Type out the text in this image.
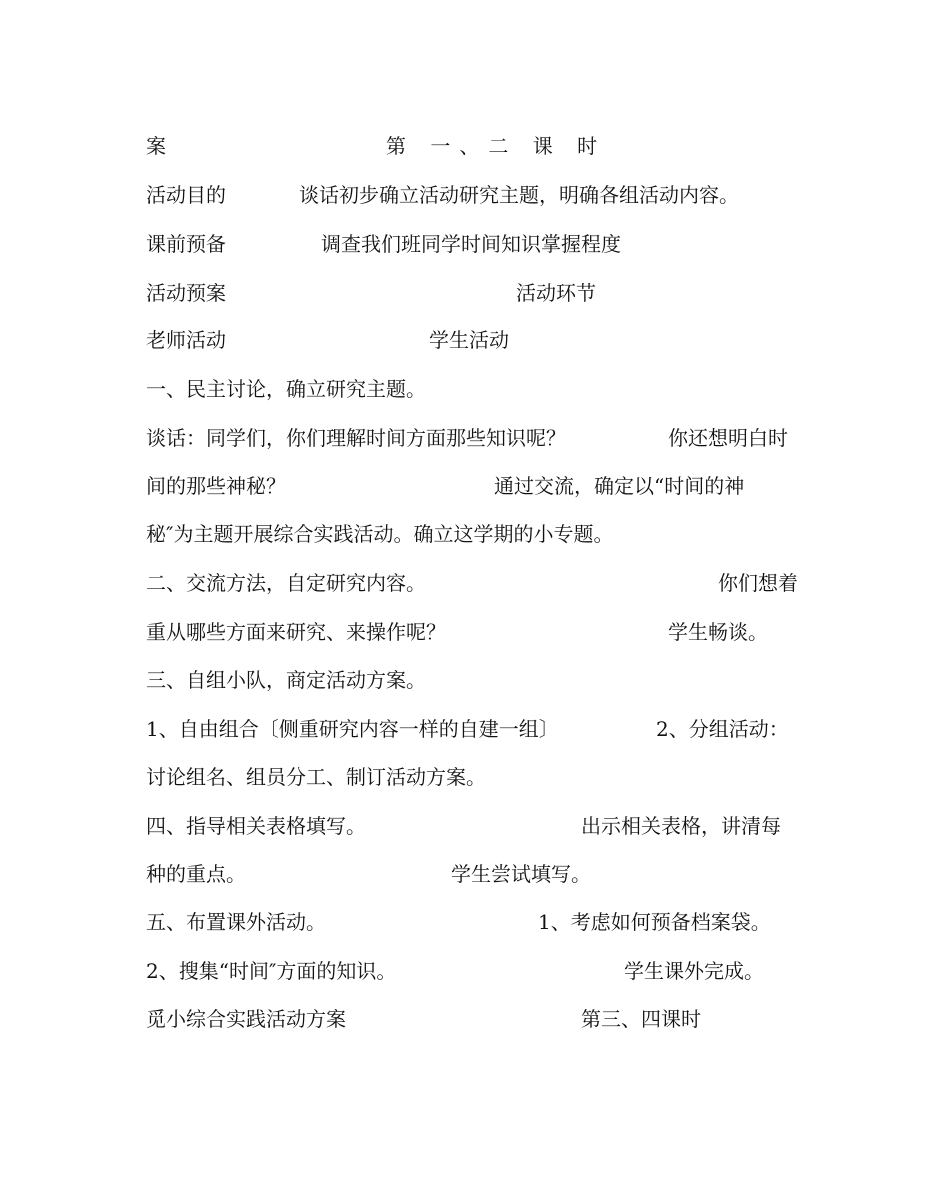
案	第 一、二 课 时
活动目的	谈话初步确立活动研究主题，明确各组活动内容。
课前预备	调查我们班同学时间知识掌握程度
活动预案	活动环节
老师活动	学生活动
一、民主讨论，确立研究主题。
谈话：同学们，你们理解时间方面那些知识呢？	你还想明白时
间的那些神秘？	通过交流，确定以“时间的神
秘″为主题开展综合实践活动。确立这学期的小专题。
二、交流方法，自定研究内容。	你们想着
重从哪些方面来研究、来操作呢？	学生畅谈。
三、自组小队，商定活动方案。
1、自由组合〔侧重研究内容一样的自建一组〕	2、分组活动：
讨论组名、组员分工、制订活动方案。
四、指导相关表格填写。	出示相关表格，讲清每
种的重点。	学生尝试填写。
五、布置课外活动。	1、考虑如何预备档案袋。
2、搜集“时间″方面的知识。	学生课外完成。
觅小综合实践活动方案	第三、四课时
